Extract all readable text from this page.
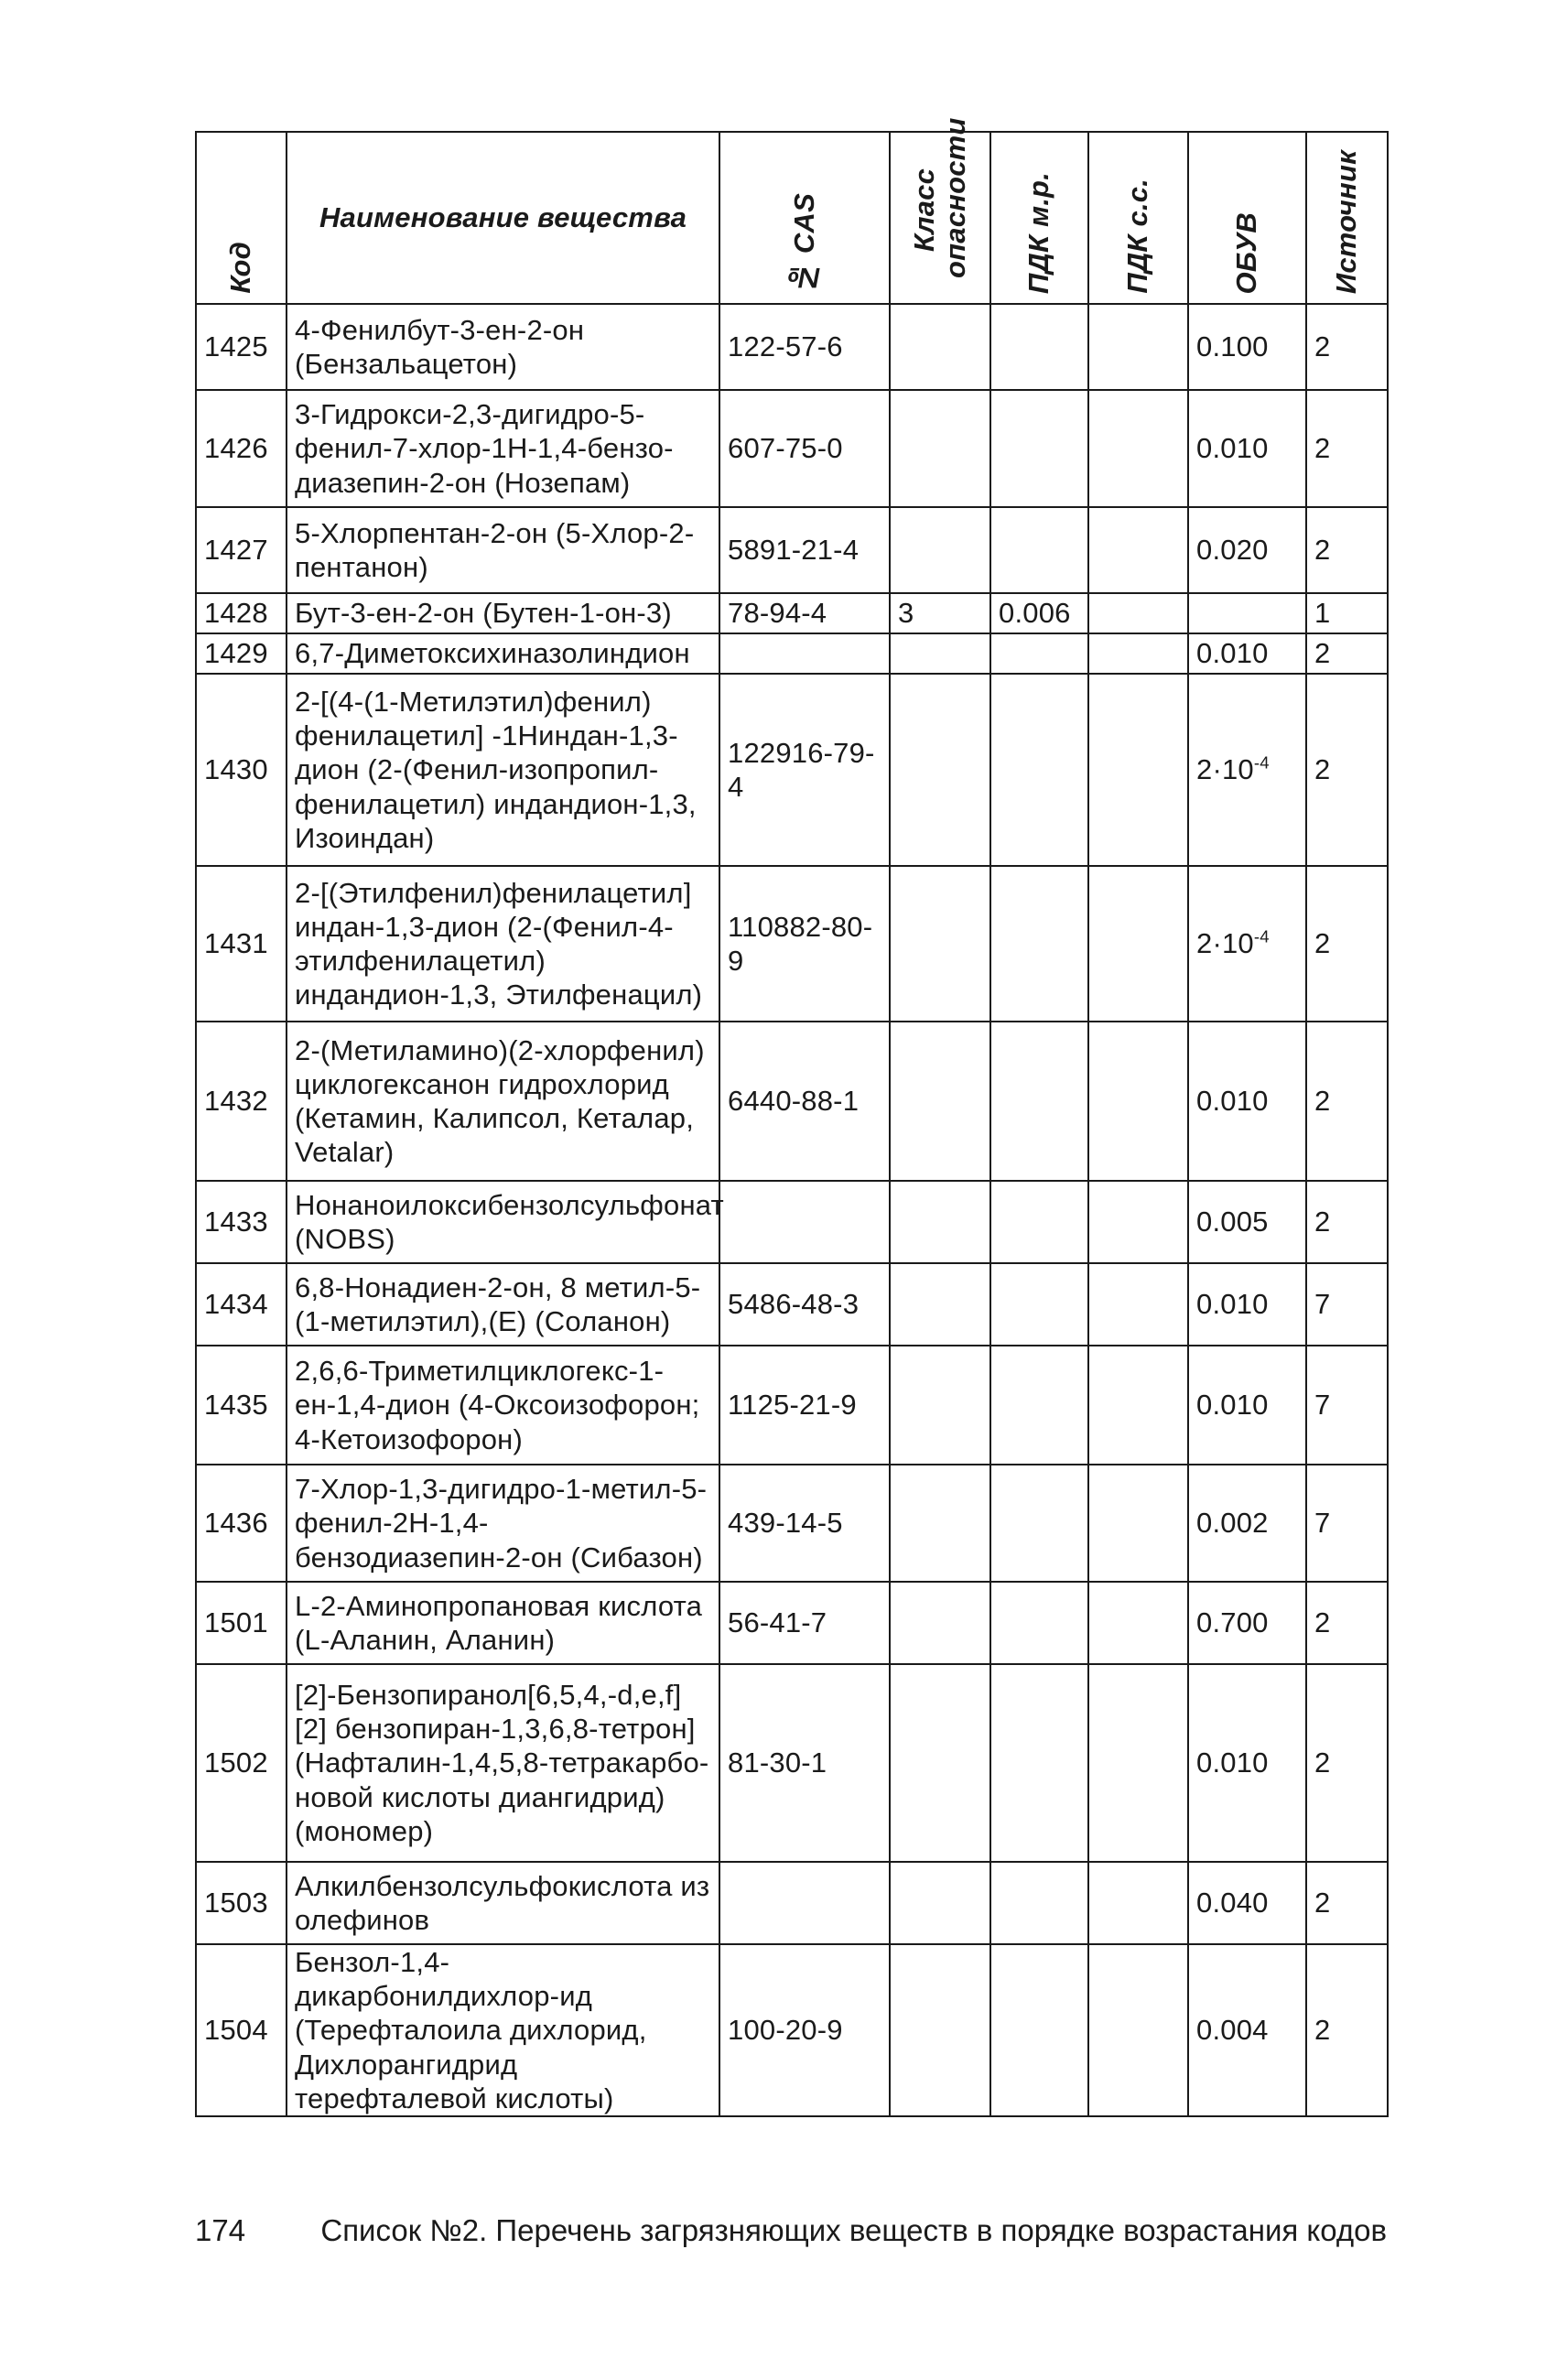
Код	Наименование вещества	№ CAS	Класс опасности	ПДК м.р.	ПДК с.с.	ОБУВ	Источник

1425	4-Фенилбут-3-ен-2-он (Бензальацетон)	122-57-6				0.100	2
1426	3-Гидрокси-2,3-дигидро-5-фенил-7-хлор-1Н-1,4-бензо-диазепин-2-он (Нозепам)	607-75-0				0.010	2
1427	5-Хлорпентан-2-он (5-Хлор-2-пентанон)	5891-21-4				0.020	2
1428	Бут-3-ен-2-он (Бутен-1-он-3)	78-94-4	3	0.006			1
1429	6,7-Диметоксихиназолиндион					0.010	2
1430	2-[(4-(1-Метилэтил)фенил) фенилацетил] -1Ниндан-1,3-дион (2-(Фенил-изопропил-фенилацетил) индандион-1,3, Изоиндан)	122916-79-4				$2\cdot 10^{-4}$	2
1431	2-[(Этилфенил)фенилацетил] индан-1,3-дион (2-(Фенил-4-этилфенилацетил) индандион-1,3, Этилфенацил)	110882-80-9				$2\cdot 10^{-4}$	2
1432	2-(Метиламино)(2-хлорфенил) циклогексанон гидрохлорид (Кетамин, Калипсол, Кеталар, Vetalar)	6440-88-1				0.010	2
1433	Нонаноилоксибензолсульфонат (NOBS)					0.005	2
1434	6,8-Нонадиен-2-он, 8 метил-5-(1-метилэтил),(Е) (Соланон)	5486-48-3				0.010	7
1435	2,6,6-Триметилциклогекс-1-ен-1,4-дион (4-Оксоизофорон; 4-Кетоизофорон)	1125-21-9				0.010	7
1436	7-Хлор-1,3-дигидро-1-метил-5-фенил-2Н-1,4-бензодиазепин-2-он (Сибазон)	439-14-5				0.002	7
1501	L-2-Аминопропановая кислота (L-Аланин, Аланин)	56-41-7				0.700	2
1502	[2]-Бензопиранол[6,5,4,-d,e,f] [2] бензопиран-1,3,6,8-тетрон] (Нафталин-1,4,5,8-тетракарбо-новой кислоты диангидрид) (мономер)	81-30-1				0.010	2
1503	Алкилбензолсульфокислота из олефинов					0.040	2
1504	Бензол-1,4-дикарбонилдихлор-ид (Терефталоила дихлорид, Дихлорангидрид терефталевой кислоты)	100-20-9				0.004	2
174 Список №2. Перечень загрязняющих веществ в порядке возрастания кодов
